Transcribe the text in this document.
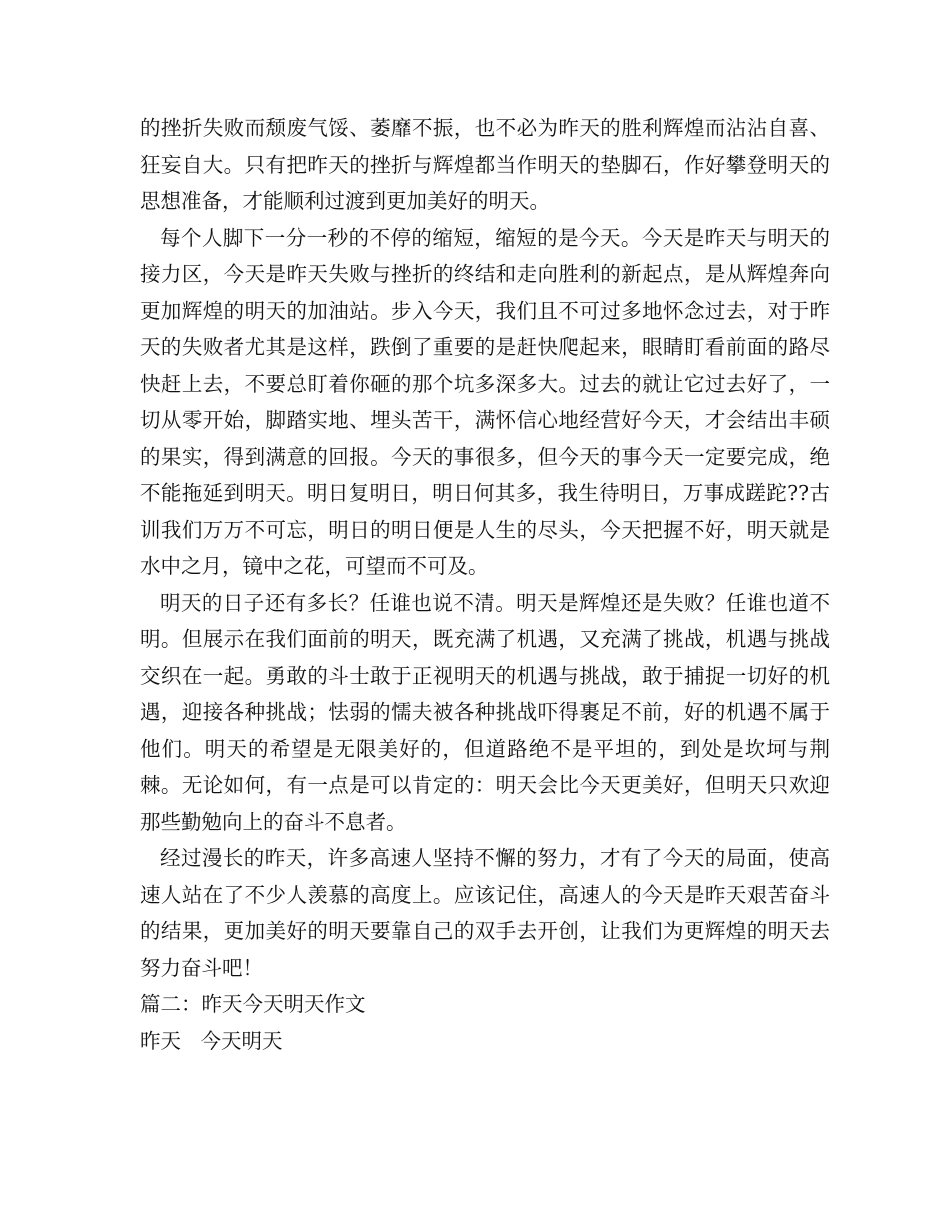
的挫折失败而颓废气馁、萎靡不振，也不必为昨天的胜利辉煌而沾沾自喜、狂妄自大。只有把昨天的挫折与辉煌都当作明天的垫脚石，作好攀登明天的思想准备，才能顺利过渡到更加美好的明天。

每个人脚下一分一秒的不停的缩短，缩短的是今天。今天是昨天与明天的接力区，今天是昨天失败与挫折的终结和走向胜利的新起点，是从辉煌奔向更加辉煌的明天的加油站。步入今天，我们且不可过多地怀念过去，对于昨天的失败者尤其是这样，跌倒了重要的是赶快爬起来，眼睛盯看前面的路尽快赶上去，不要总盯着你砸的那个坑多深多大。过去的就让它过去好了，一切从零开始，脚踏实地、埋头苦干，满怀信心地经营好今天，才会结出丰硕的果实，得到满意的回报。今天的事很多，但今天的事今天一定要完成，绝不能拖延到明天。明日复明日，明日何其多，我生待明日，万事成蹉跎??古训我们万万不可忘，明日的明日便是人生的尽头，今天把握不好，明天就是水中之月，镜中之花，可望而不可及。

明天的日子还有多长？任谁也说不清。明天是辉煌还是失败？任谁也道不明。但展示在我们面前的明天，既充满了机遇，又充满了挑战，机遇与挑战交织在一起。勇敢的斗士敢于正视明天的机遇与挑战，敢于捕捉一切好的机遇，迎接各种挑战；怯弱的懦夫被各种挑战吓得裹足不前，好的机遇不属于他们。明天的希望是无限美好的，但道路绝不是平坦的，到处是坎坷与荆棘。无论如何，有一点是可以肯定的：明天会比今天更美好，但明天只欢迎那些勤勉向上的奋斗不息者。

经过漫长的昨天，许多高速人坚持不懈的努力，才有了今天的局面，使高速人站在了不少人羡慕的高度上。应该记住，高速人的今天是昨天艰苦奋斗的结果，更加美好的明天要靠自己的双手去开创，让我们为更辉煌的明天去努力奋斗吧！

篇二：昨天今天明天作文

昨天   今天明天
